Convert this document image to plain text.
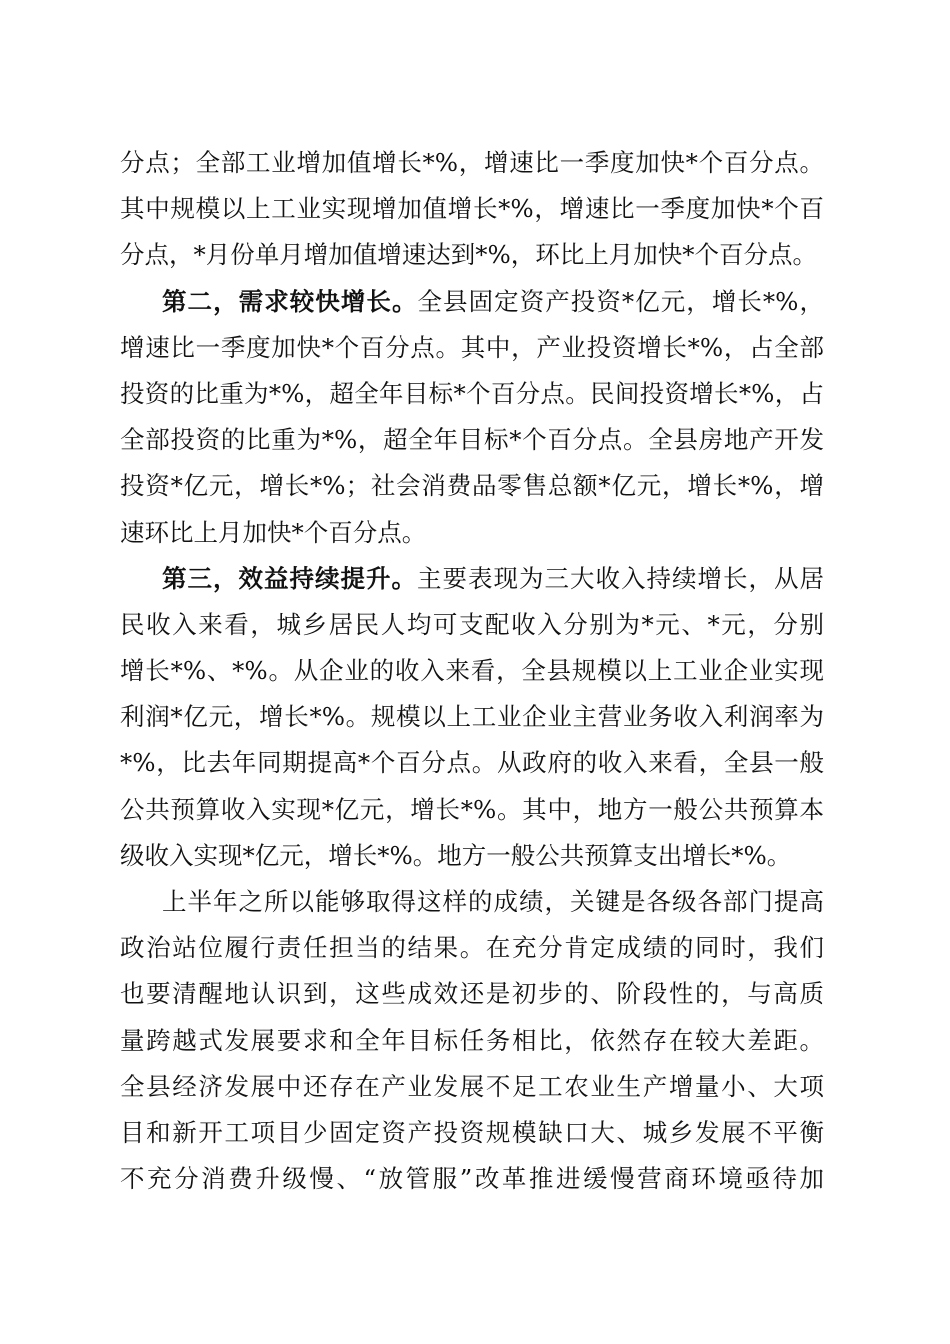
分点；全部工业增加值增长*%，增速比一季度加快*个百分点。
其中规模以上工业实现增加值增长*%，增速比一季度加快*个百
分点，*月份单月增加值增速达到*%，环比上月加快*个百分点。
第二，需求较快增长。全县固定资产投资*亿元，增长*%，
增速比一季度加快*个百分点。其中，产业投资增长*%，占全部
投资的比重为*%，超全年目标*个百分点。民间投资增长*%，占
全部投资的比重为*%，超全年目标*个百分点。全县房地产开发
投资*亿元，增长*%；社会消费品零售总额*亿元，增长*%，增
速环比上月加快*个百分点。
第三，效益持续提升。主要表现为三大收入持续增长，从居
民收入来看，城乡居民人均可支配收入分别为*元、*元，分别
增长*%、*%。从企业的收入来看，全县规模以上工业企业实现
利润*亿元，增长*%。规模以上工业企业主营业务收入利润率为
*%，比去年同期提高*个百分点。从政府的收入来看，全县一般
公共预算收入实现*亿元，增长*%。其中，地方一般公共预算本
级收入实现*亿元，增长*%。地方一般公共预算支出增长*%。
上半年之所以能够取得这样的成绩，关键是各级各部门提高
政治站位履行责任担当的结果。在充分肯定成绩的同时，我们
也要清醒地认识到，这些成效还是初步的、阶段性的，与高质
量跨越式发展要求和全年目标任务相比，依然存在较大差距。
全县经济发展中还存在产业发展不足工农业生产增量小、大项
目和新开工项目少固定资产投资规模缺口大、城乡发展不平衡
不充分消费升级慢、“放管服”改革推进缓慢营商环境亟待加
